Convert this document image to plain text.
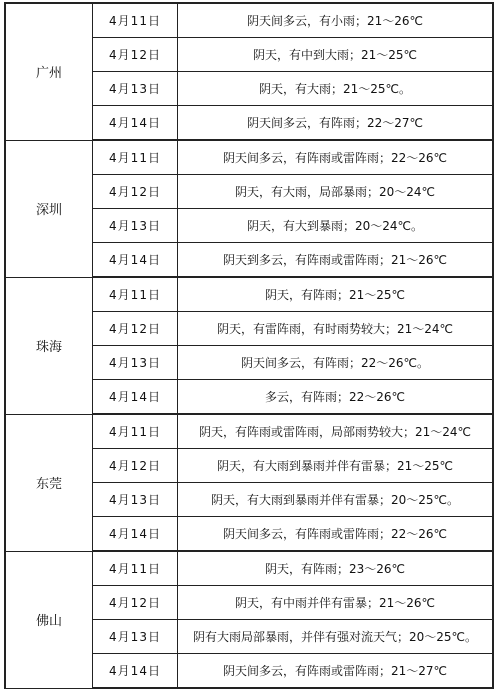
广州	4月11日	阴天间多云，有小雨；21～26℃
	4月12日	阴天，有中到大雨；21～25℃
	4月13日	阴天，有大雨；21～25℃。
	4月14日	阴天间多云，有阵雨；22～27℃
深圳	4月11日	阴天间多云，有阵雨或雷阵雨；22～26℃
	4月12日	阴天，有大雨，局部暴雨；20～24℃
	4月13日	阴天，有大到暴雨；20～24℃。
	4月14日	阴天到多云，有阵雨或雷阵雨；21～26℃
珠海	4月11日	阴天，有阵雨；21～25℃
	4月12日	阴天，有雷阵雨，有时雨势较大；21～24℃
	4月13日	阴天间多云，有阵雨；22～26℃。
	4月14日	多云，有阵雨；22～26℃
东莞	4月11日	阴天，有阵雨或雷阵雨，局部雨势较大；21～24℃
	4月12日	阴天，有大雨到暴雨并伴有雷暴；21～25℃
	4月13日	阴天，有大雨到暴雨并伴有雷暴；20～25℃。
	4月14日	阴天间多云，有阵雨或雷阵雨；22～26℃
佛山	4月11日	阴天，有阵雨；23～26℃
	4月12日	阴天，有中雨并伴有雷暴；21～26℃
	4月13日	阴有大雨局部暴雨，并伴有强对流天气；20～25℃。
	4月14日	阴天间多云，有阵雨或雷阵雨；21～27℃
